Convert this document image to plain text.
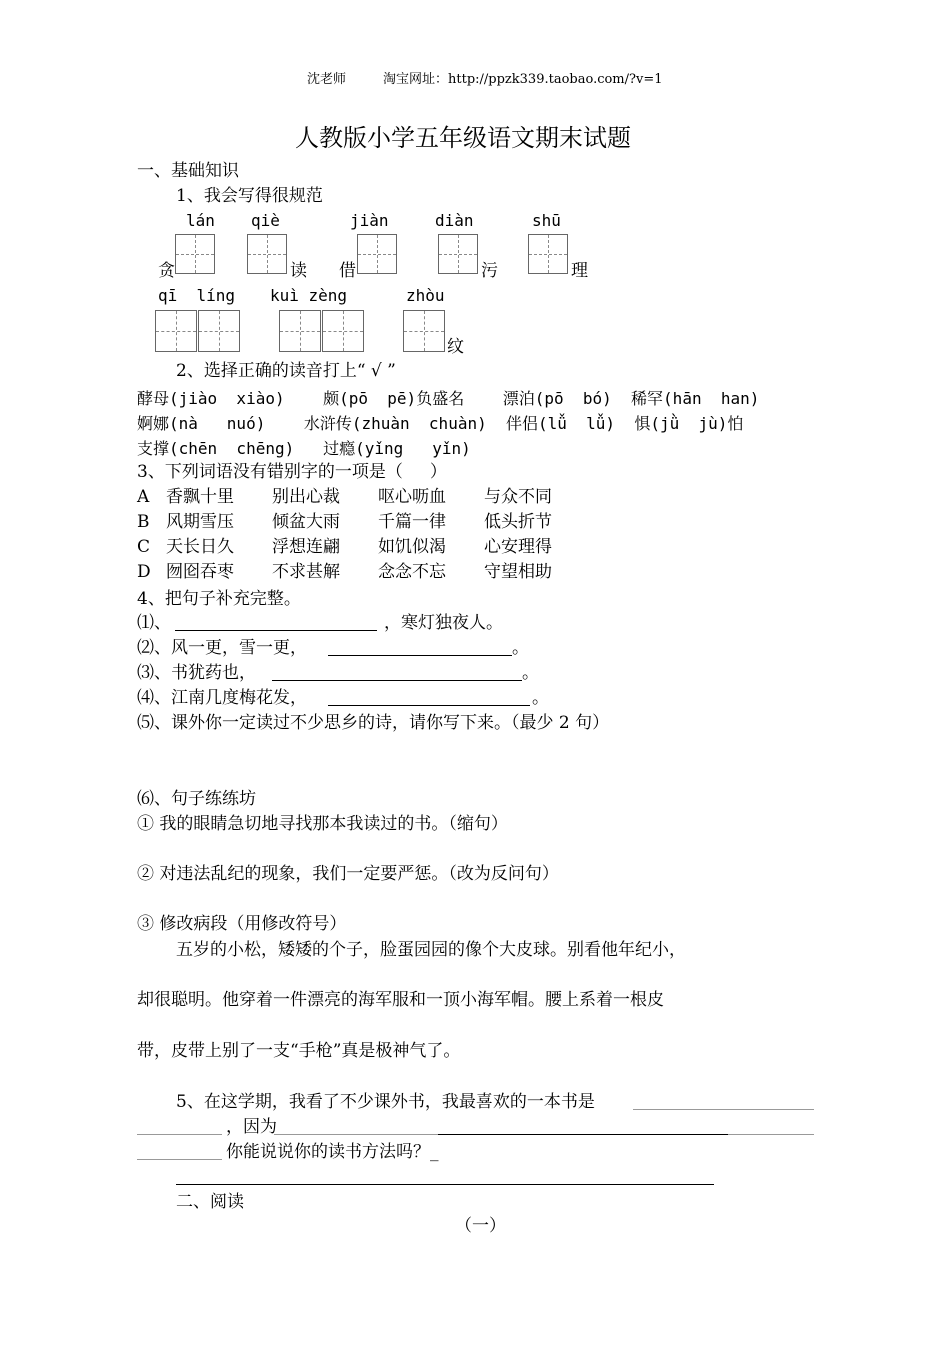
沈老师	淘宝网址：http://ppzk339.taobao.com/?v=1
人教版小学五年级语文期末试题
一、基础知识
1、我会写得很规范
lán qiè	jiàn	diàn	shū
贪	读 借	污	理
qī  líng kuì zèng	zhòu
纹
2、选择正确的读音打上“ √ ”
酵母(jiào  xiào)    颇(pō  pē)负盛名    漂泊(pō  bó)  稀罕(hān  han)
婀娜(nà   nuó)    水浒传(zhuàn  chuàn)  伴侣(lǚ  lǚ)  惧(jǜ  jù)怕
支撑(chēn  chēng)   过瘾(yǐng   yǐn)
3、下列词语没有错别字的一项是（     ）
A 香飘十里 别出心裁 呕心呖血 与众不同
B 风期雪压 倾盆大雨 千篇一律 低头折节
C 天长日久 浮想连翩 如饥似渴 心安理得
D 囫囵吞枣 不求甚解 念念不忘 守望相助
4、把句子补充完整。
⑴、	，寒灯独夜人。
⑵、风一更，雪一更，	。
⑶、书犹药也，	。
⑷、江南几度梅花发，	。
⑸、课外你一定读过不少思乡的诗，请你写下来。（最少 2 句）
⑹、句子练练坊
① 我的眼睛急切地寻找那本我读过的书。（缩句）
② 对违法乱纪的现象，我们一定要严惩。（改为反问句）
③ 修改病段（用修改符号）
五岁的小松，矮矮的个子，脸蛋园园的像个大皮球。别看他年纪小，
却很聪明。他穿着一件漂亮的海军服和一顶小海军帽。腰上系着一根皮
带，皮带上别了一支“手枪”真是极神气了。
5、在这学期，我看了不少课外书，我最喜欢的一本书是
，因为
你能说说你的读书方法吗？_
二、阅读
（一）
